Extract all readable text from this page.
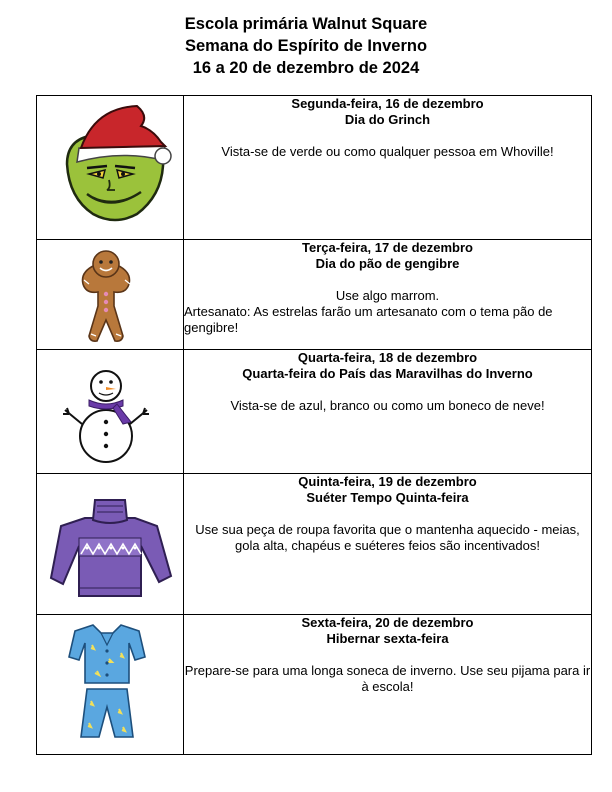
Escola primária Walnut Square
Semana do Espírito de Inverno
16 a 20 de dezembro de 2024

Segunda-feira, 16 de dezembro
Dia do Grinch
Vista-se de verde ou como qualquer pessoa em Whoville!

Terça-feira, 17 de dezembro
Dia do pão de gengibre
Use algo marrom.
Artesanato: As estrelas farão um artesanato com o tema pão de gengibre!

Quarta-feira, 18 de dezembro
Quarta-feira do País das Maravilhas do Inverno
Vista-se de azul, branco ou como um boneco de neve!

Quinta-feira, 19 de dezembro
Suéter Tempo Quinta-feira
Use sua peça de roupa favorita que o mantenha aquecido - meias, gola alta, chapéus e suéteres feios são incentivados!

Sexta-feira, 20 de dezembro
Hibernar sexta-feira
Prepare-se para uma longa soneca de inverno. Use seu pijama para ir à escola!
